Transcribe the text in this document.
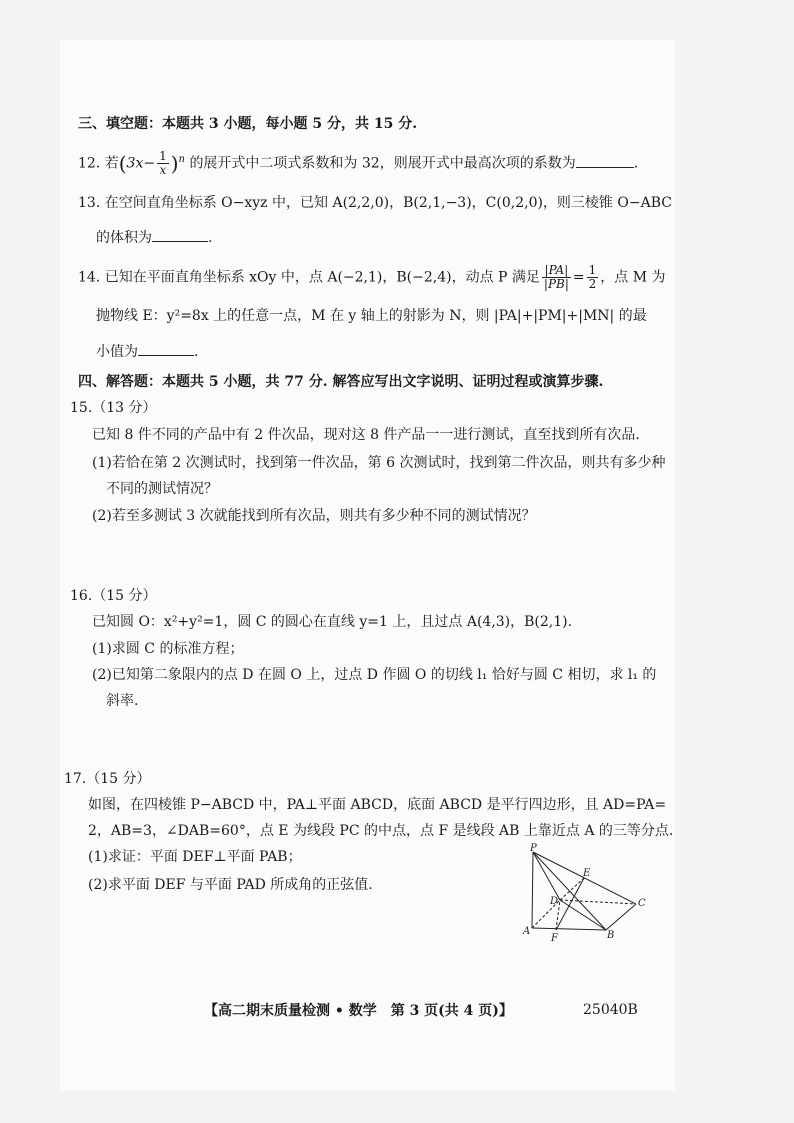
三、填空题：本题共 3 小题，每小题 5 分，共 15 分.
12. 若$(3x- \frac{1}{x} )^n$ 的展开式中二项式系数和为 32，则展开式中最高次项的系数为	.
13. 在空间直角坐标系 O−xyz 中，已知 A(2,2,0)，B(2,1,−3)，C(0,2,0)，则三棱锥 O−ABC
的体积为	.
14. 已知在平面直角坐标系 xOy 中，点 A(−2,1)，B(−2,4)，动点 P 满足 $\frac{|PA|}{|PB|} = \frac{1}{2}$ ，点 M 为
抛物线 E：y²=8x 上的任意一点，M 在 y 轴上的射影为 N，则 |PA|+|PM|+|MN| 的最
小值为	.
四、解答题：本题共 5 小题，共 77 分. 解答应写出文字说明、证明过程或演算步骤.
15.（13 分）
已知 8 件不同的产品中有 2 件次品，现对这 8 件产品一一进行测试，直至找到所有次品.
(1)若恰在第 2 次测试时，找到第一件次品，第 6 次测试时，找到第二件次品，则共有多少种
不同的测试情况？
(2)若至多测试 3 次就能找到所有次品，则共有多少种不同的测试情况？
16.（15 分）
已知圆 O：x²+y²=1，圆 C 的圆心在直线 y=1 上，且过点 A(4,3)，B(2,1).
(1)求圆 C 的标准方程；
(2)已知第二象限内的点 D 在圆 O 上，过点 D 作圆 O 的切线 l₁ 恰好与圆 C 相切，求 l₁ 的
斜率.
17.（15 分）
如图，在四棱锥 P−ABCD 中，PA⊥平面 ABCD，底面 ABCD 是平行四边形，且 AD=PA=
2，AB=3，∠DAB=60°，点 E 为线段 PC 的中点，点 F 是线段 AB 上靠近点 A 的三等分点.
(1)求证：平面 DEF⊥平面 PAB；
(2)求平面 DEF 与平面 PAD 所成角的正弦值.
P
E
D	C
A
F	B
【高二期末质量检测 • 数学　第 3 页(共 4 页)】	25040B
